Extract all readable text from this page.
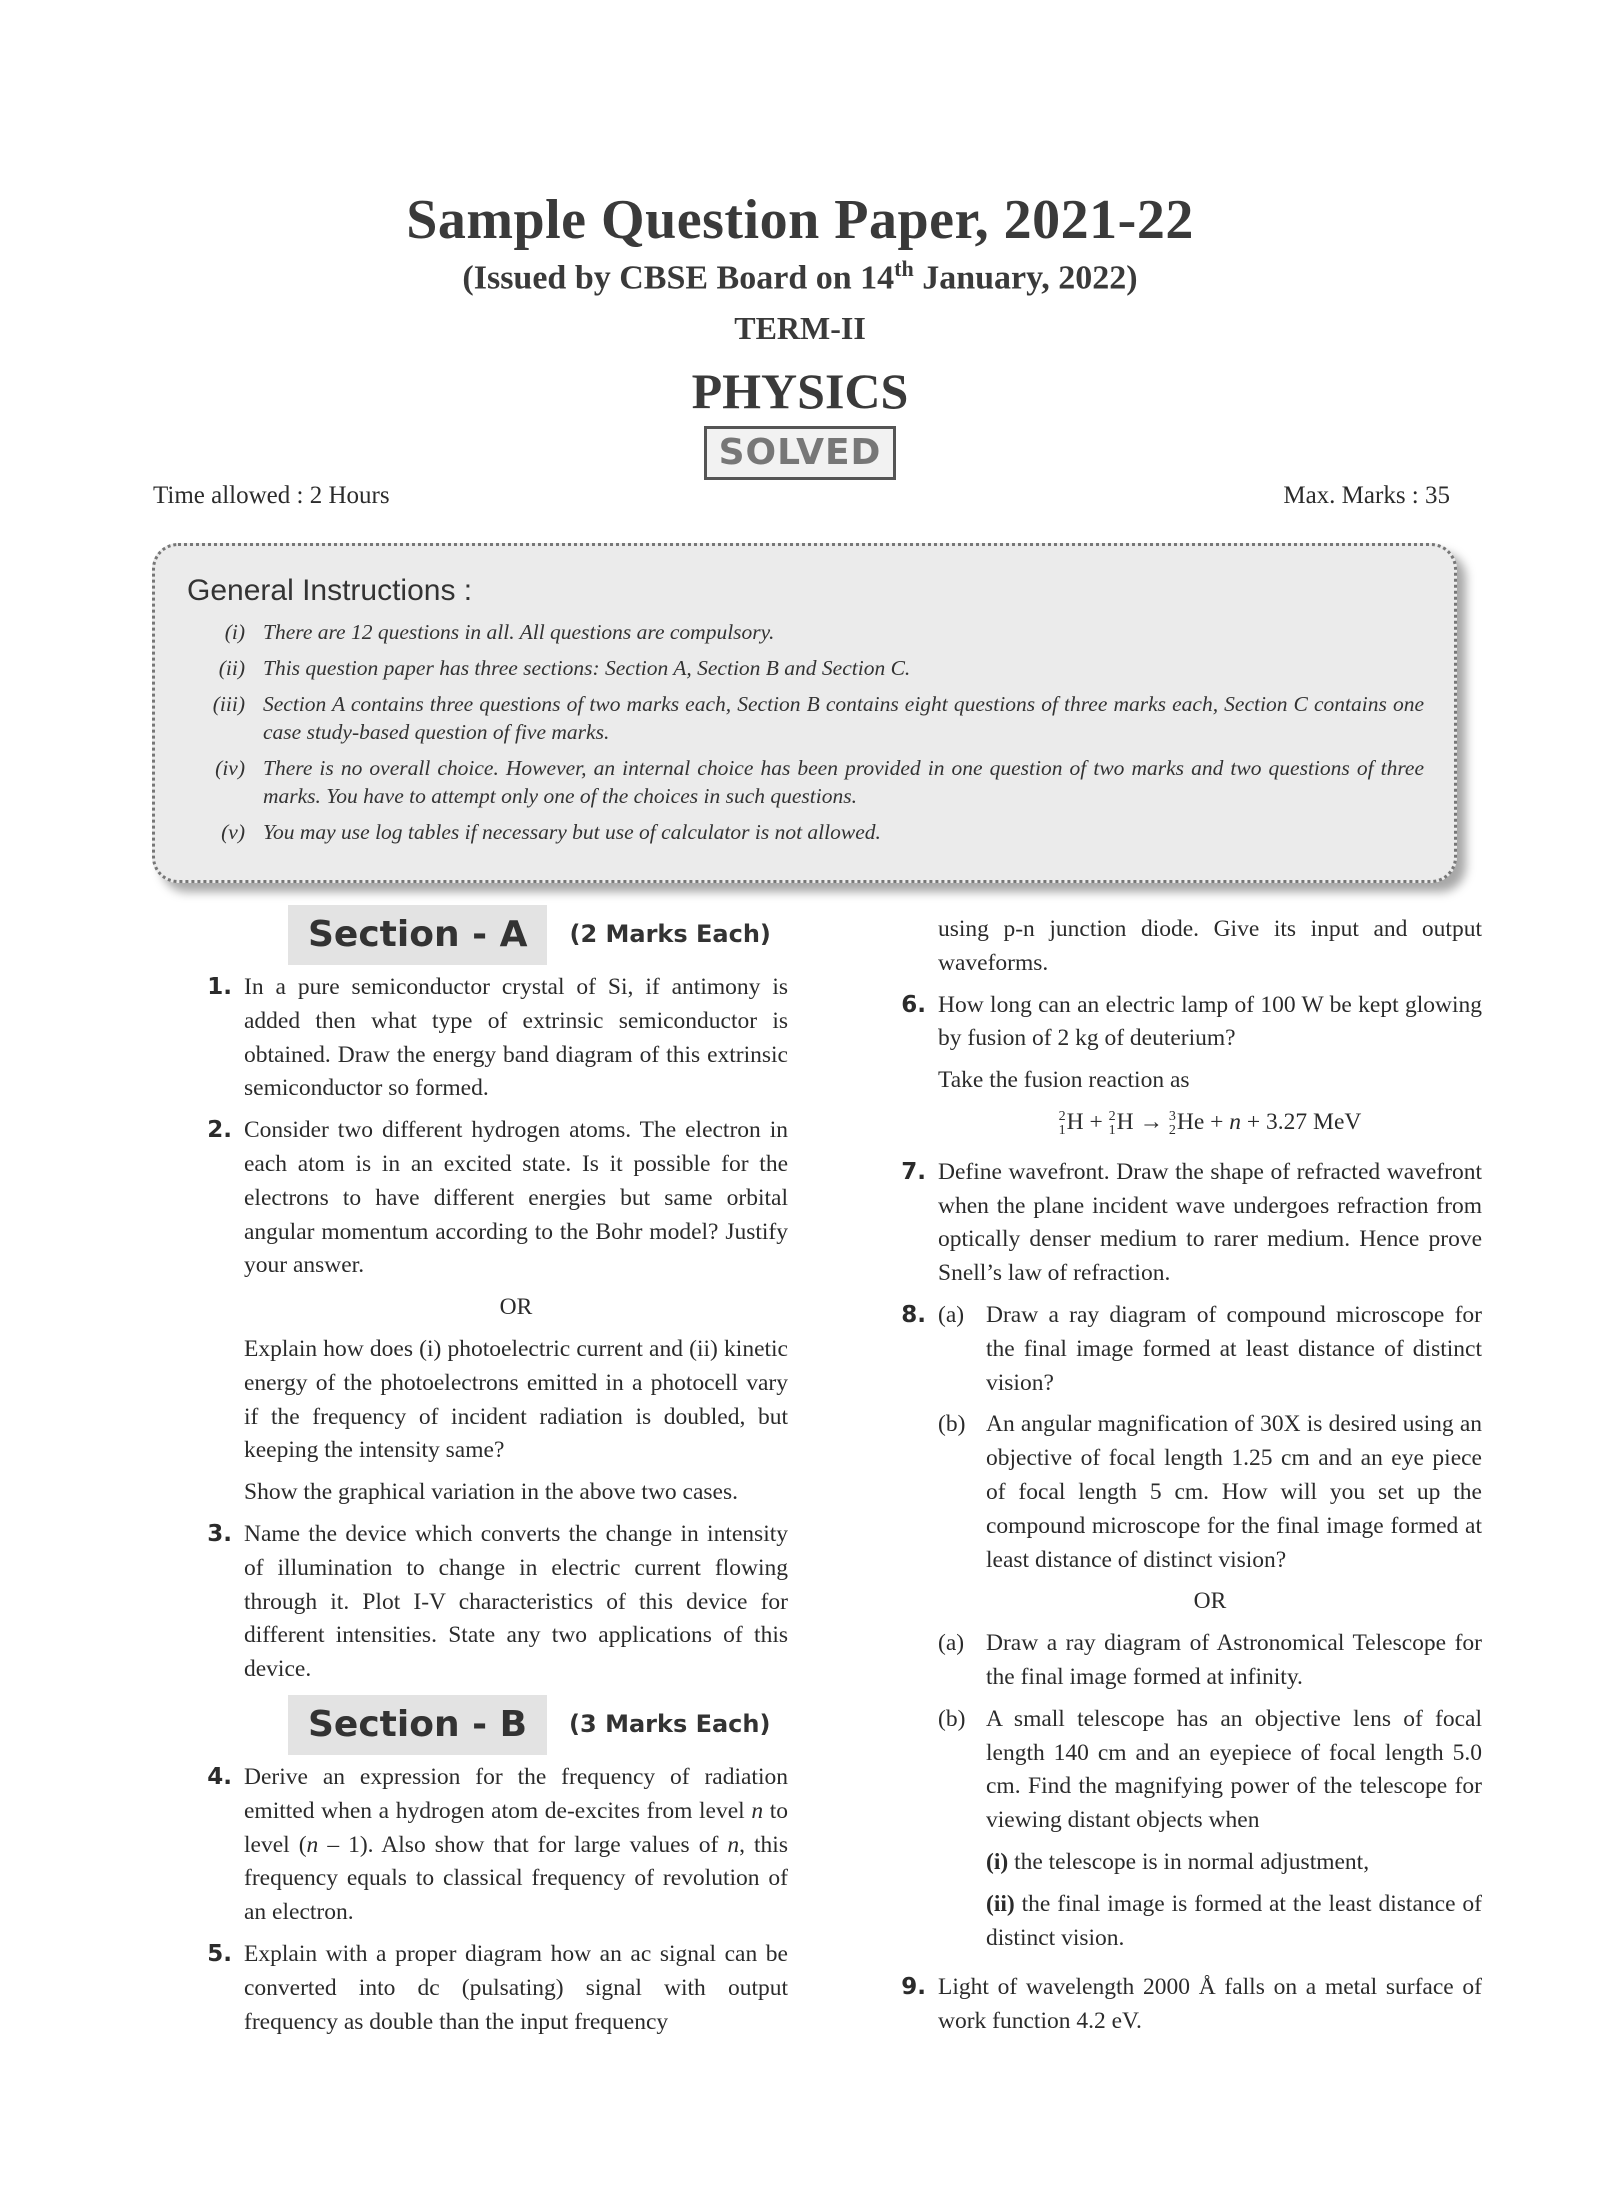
Sample Question Paper, 2021-22
(Issued by CBSE Board on 14th January, 2022)
TERM-II
PHYSICS
SOLVED
Time allowed : 2 Hours	Max. Marks : 35
General Instructions :
(i) There are 12 questions in all. All questions are compulsory.
(ii) This question paper has three sections: Section A, Section B and Section C.
(iii) Section A contains three questions of two marks each, Section B contains eight questions of three marks each, Section C contains one case study-based question of five marks.
(iv) There is no overall choice. However, an internal choice has been provided in one question of two marks and two questions of three marks. You have to attempt only one of the choices in such questions.
(v) You may use log tables if necessary but use of calculator is not allowed.
Section - A	(2 Marks Each)
1. In a pure semiconductor crystal of Si, if antimony is added then what type of extrinsic semiconductor is obtained. Draw the energy band diagram of this extrinsic semiconductor so formed.

2. Consider two different hydrogen atoms. The electron in each atom is in an excited state. Is it possible for the electrons to have different energies but same orbital angular momentum according to the Bohr model? Justify your answer.

OR

Explain how does (i) photoelectric current and (ii) kinetic energy of the photoelectrons emitted in a photocell vary if the frequency of incident radiation is doubled, but keeping the intensity same?

Show the graphical variation in the above two cases.

3. Name the device which converts the change in intensity of illumination to change in electric current flowing through it. Plot I-V characteristics of this device for different intensities. State any two applications of this device.

Section - B	(3 Marks Each)
4. Derive an expression for the frequency of radiation emitted when a hydrogen atom de-excites from level n to level (n – 1). Also show that for large values of n, this frequency equals to classical frequency of revolution of an electron.

5. Explain with a proper diagram how an ac signal can be converted into dc (pulsating) signal with output frequency as double than the input frequency

using p-n junction diode. Give its input and output waveforms.

6. How long can an electric lamp of 100 W be kept glowing by fusion of 2 kg of deuterium?

Take the fusion reaction as

2
1 H + 2
1 H → 3
2 He + n + 3.27 MeV
7. Define wavefront. Draw the shape of refracted wavefront when the plane incident wave undergoes refraction from optically denser medium to rarer medium. Hence prove Snell’s law of refraction.

8. (a) Draw a ray diagram of compound microscope for the final image formed at least distance of distinct vision?
(b) An angular magnification of 30X is desired using an objective of focal length 1.25 cm and an eye piece of focal length 5 cm. How will you set up the compound microscope for the final image formed at least distance of distinct vision?
OR
(a) Draw a ray diagram of Astronomical Telescope for the final image formed at infinity.
(b) A small telescope has an objective lens of focal length 140 cm and an eyepiece of focal length 5.0 cm. Find the magnifying power of the telescope for viewing distant objects when
(i) the telescope is in normal adjustment,
(ii) the final image is formed at the least distance of distinct vision.
9. Light of wavelength 2000 Å falls on a metal surface of work function 4.2 eV.
